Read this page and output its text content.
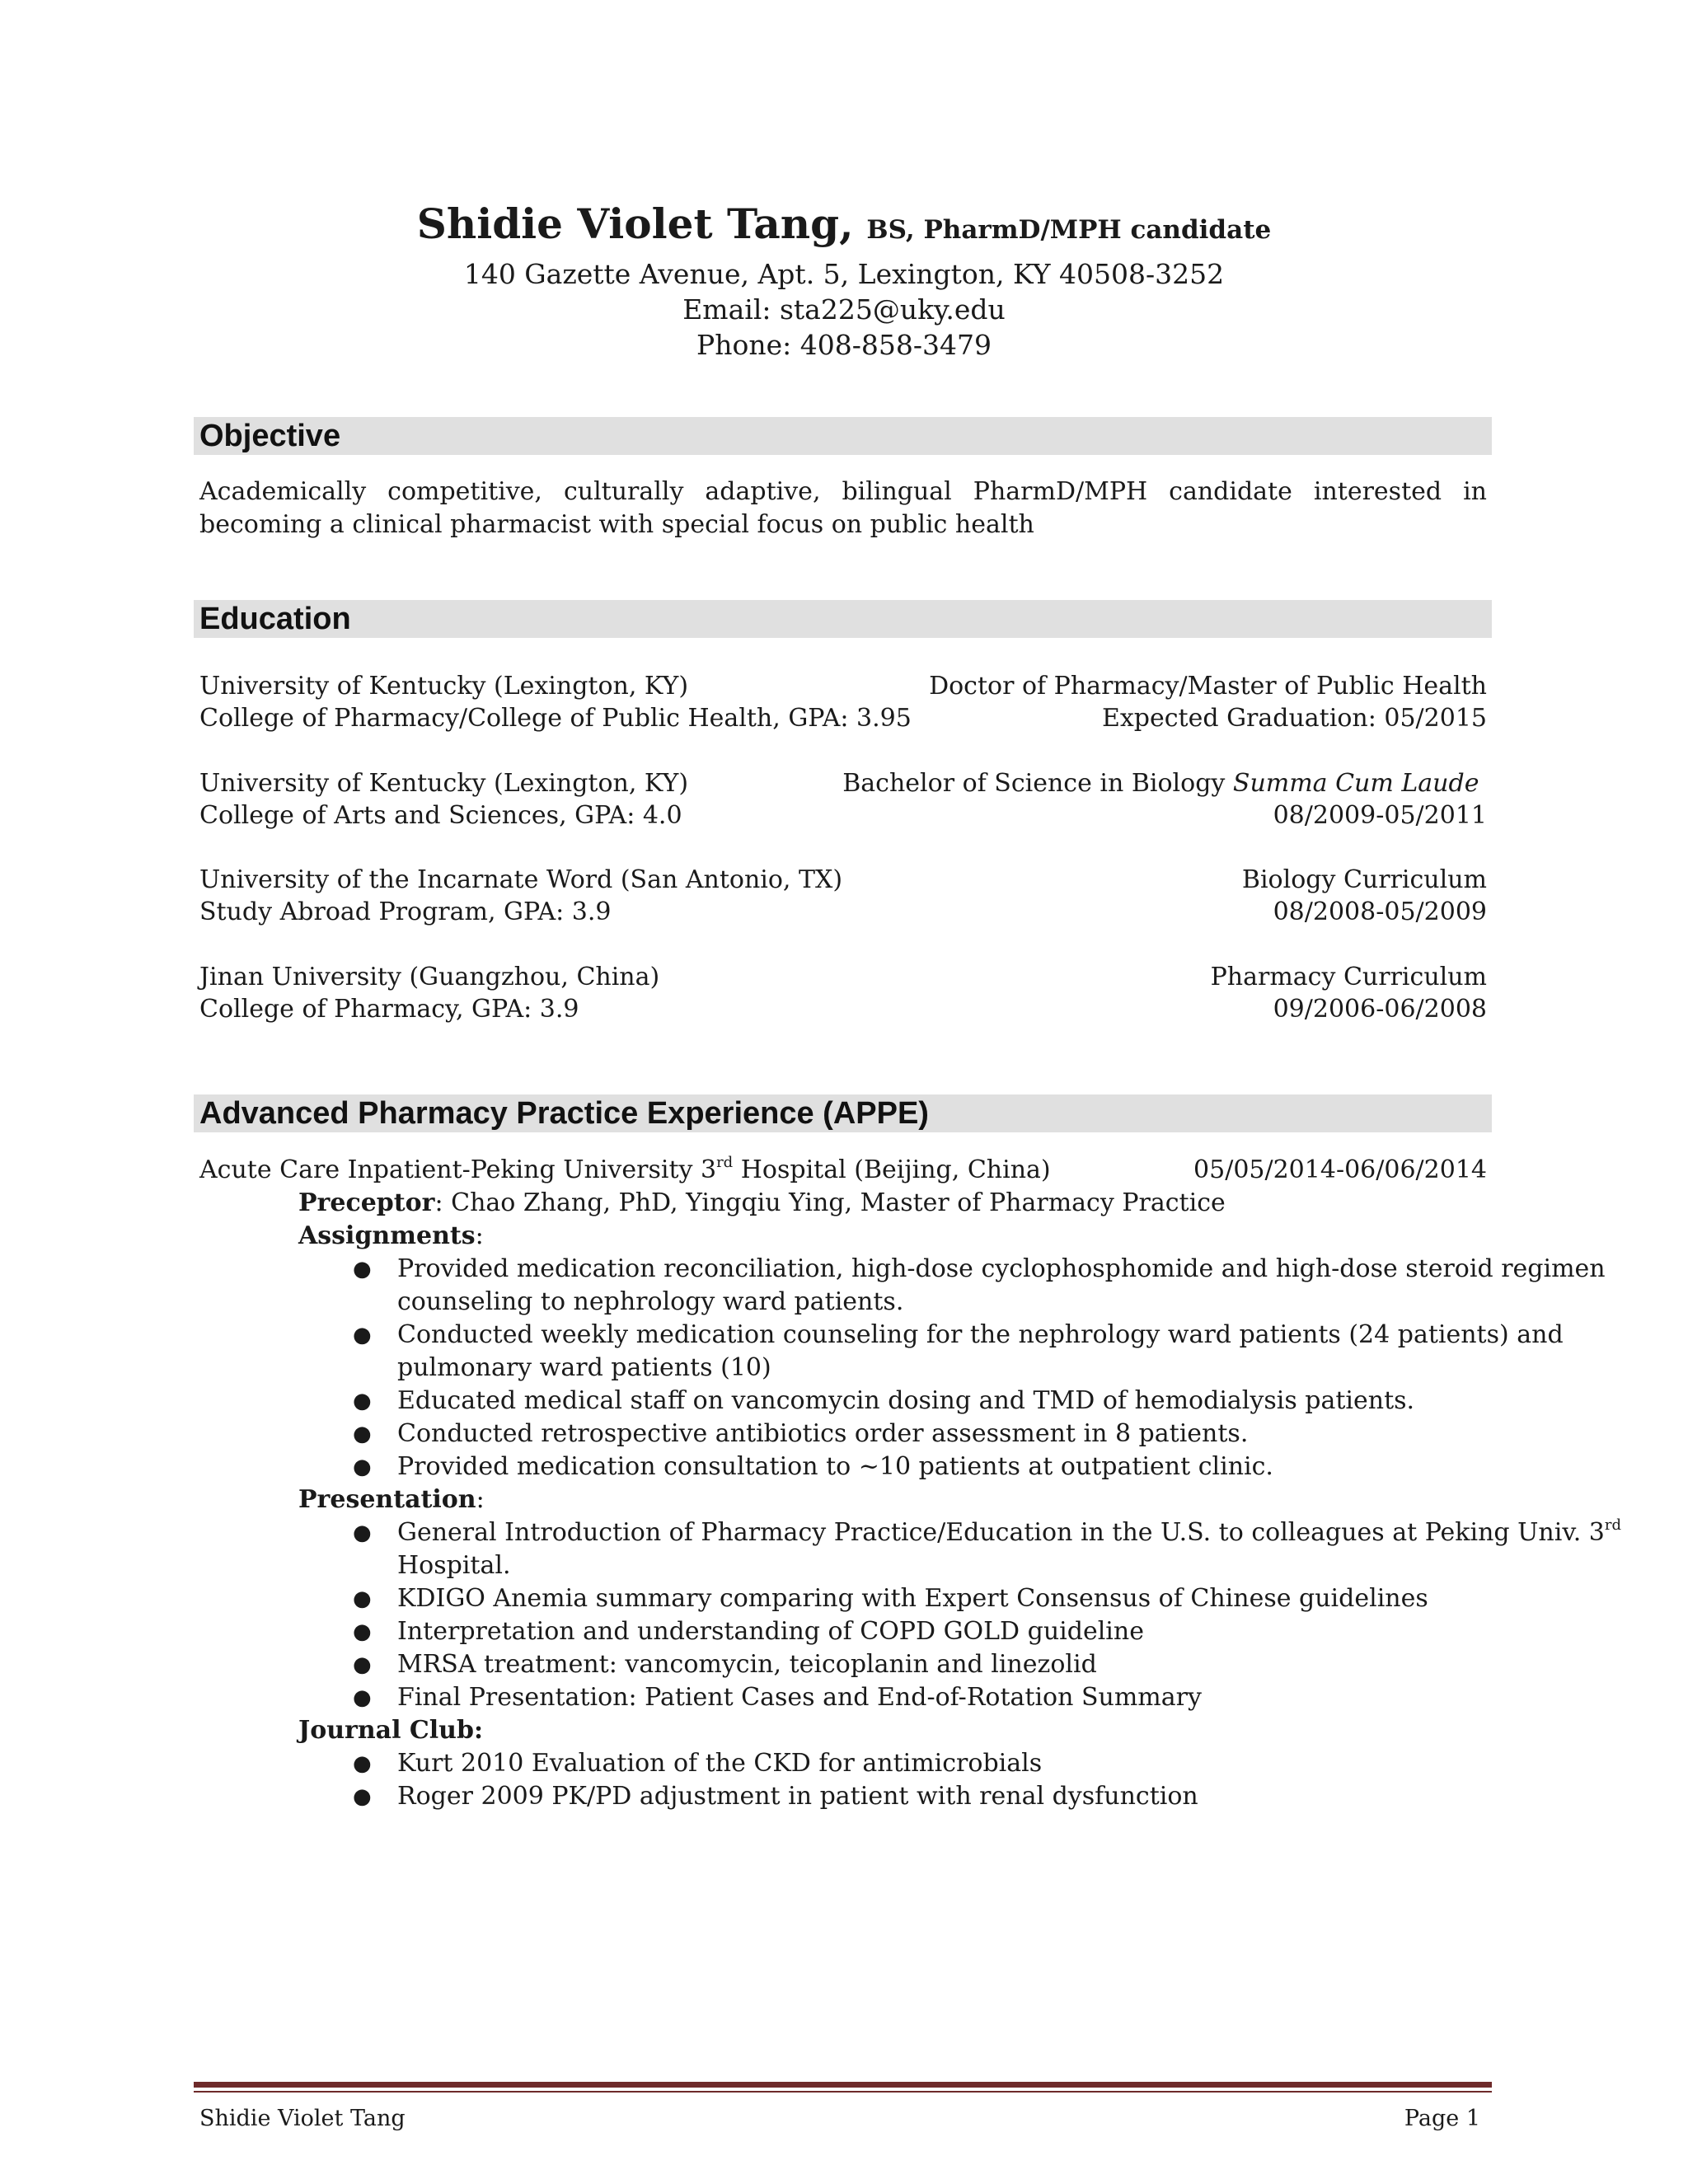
Shidie Violet Tang, BS, PharmD/MPH candidate
140 Gazette Avenue, Apt. 5, Lexington, KY 40508-3252
Email: sta225@uky.edu
Phone: 408-858-3479
Objective
Academically competitive, culturally adaptive, bilingual PharmD/MPH candidate interested in becoming a clinical pharmacist with special focus on public health
Education
University of Kentucky (Lexington, KY)	Doctor of Pharmacy/Master of Public Health
College of Pharmacy/College of Public Health, GPA: 3.95	Expected Graduation: 05/2015
University of Kentucky (Lexington, KY)	Bachelor of Science in Biology Summa Cum Laude
College of Arts and Sciences, GPA: 4.0	08/2009-05/2011
University of the Incarnate Word (San Antonio, TX)	Biology Curriculum
Study Abroad Program, GPA: 3.9	08/2008-05/2009
Jinan University (Guangzhou, China)	Pharmacy Curriculum
College of Pharmacy, GPA: 3.9	09/2006-06/2008
Advanced Pharmacy Practice Experience (APPE)
Acute Care Inpatient-Peking University 3rd Hospital (Beijing, China)	05/05/2014-06/06/2014
Preceptor: Chao Zhang, PhD, Yingqiu Ying, Master of Pharmacy Practice
Assignments:
● Provided medication reconciliation, high-dose cyclophosphomide and high-dose steroid regimen counseling to nephrology ward patients.
● Conducted weekly medication counseling for the nephrology ward patients (24 patients) and pulmonary ward patients (10)
● Educated medical staff on vancomycin dosing and TMD of hemodialysis patients.
● Conducted retrospective antibiotics order assessment in 8 patients.
● Provided medication consultation to ~10 patients at outpatient clinic.
Presentation:
● General Introduction of Pharmacy Practice/Education in the U.S. to colleagues at Peking Univ. 3rd Hospital.
● KDIGO Anemia summary comparing with Expert Consensus of Chinese guidelines
● Interpretation and understanding of COPD GOLD guideline
● MRSA treatment: vancomycin, teicoplanin and linezolid
● Final Presentation: Patient Cases and End-of-Rotation Summary
Journal Club:
● Kurt 2010 Evaluation of the CKD for antimicrobials
● Roger 2009 PK/PD adjustment in patient with renal dysfunction
Shidie Violet Tang	Page 1
